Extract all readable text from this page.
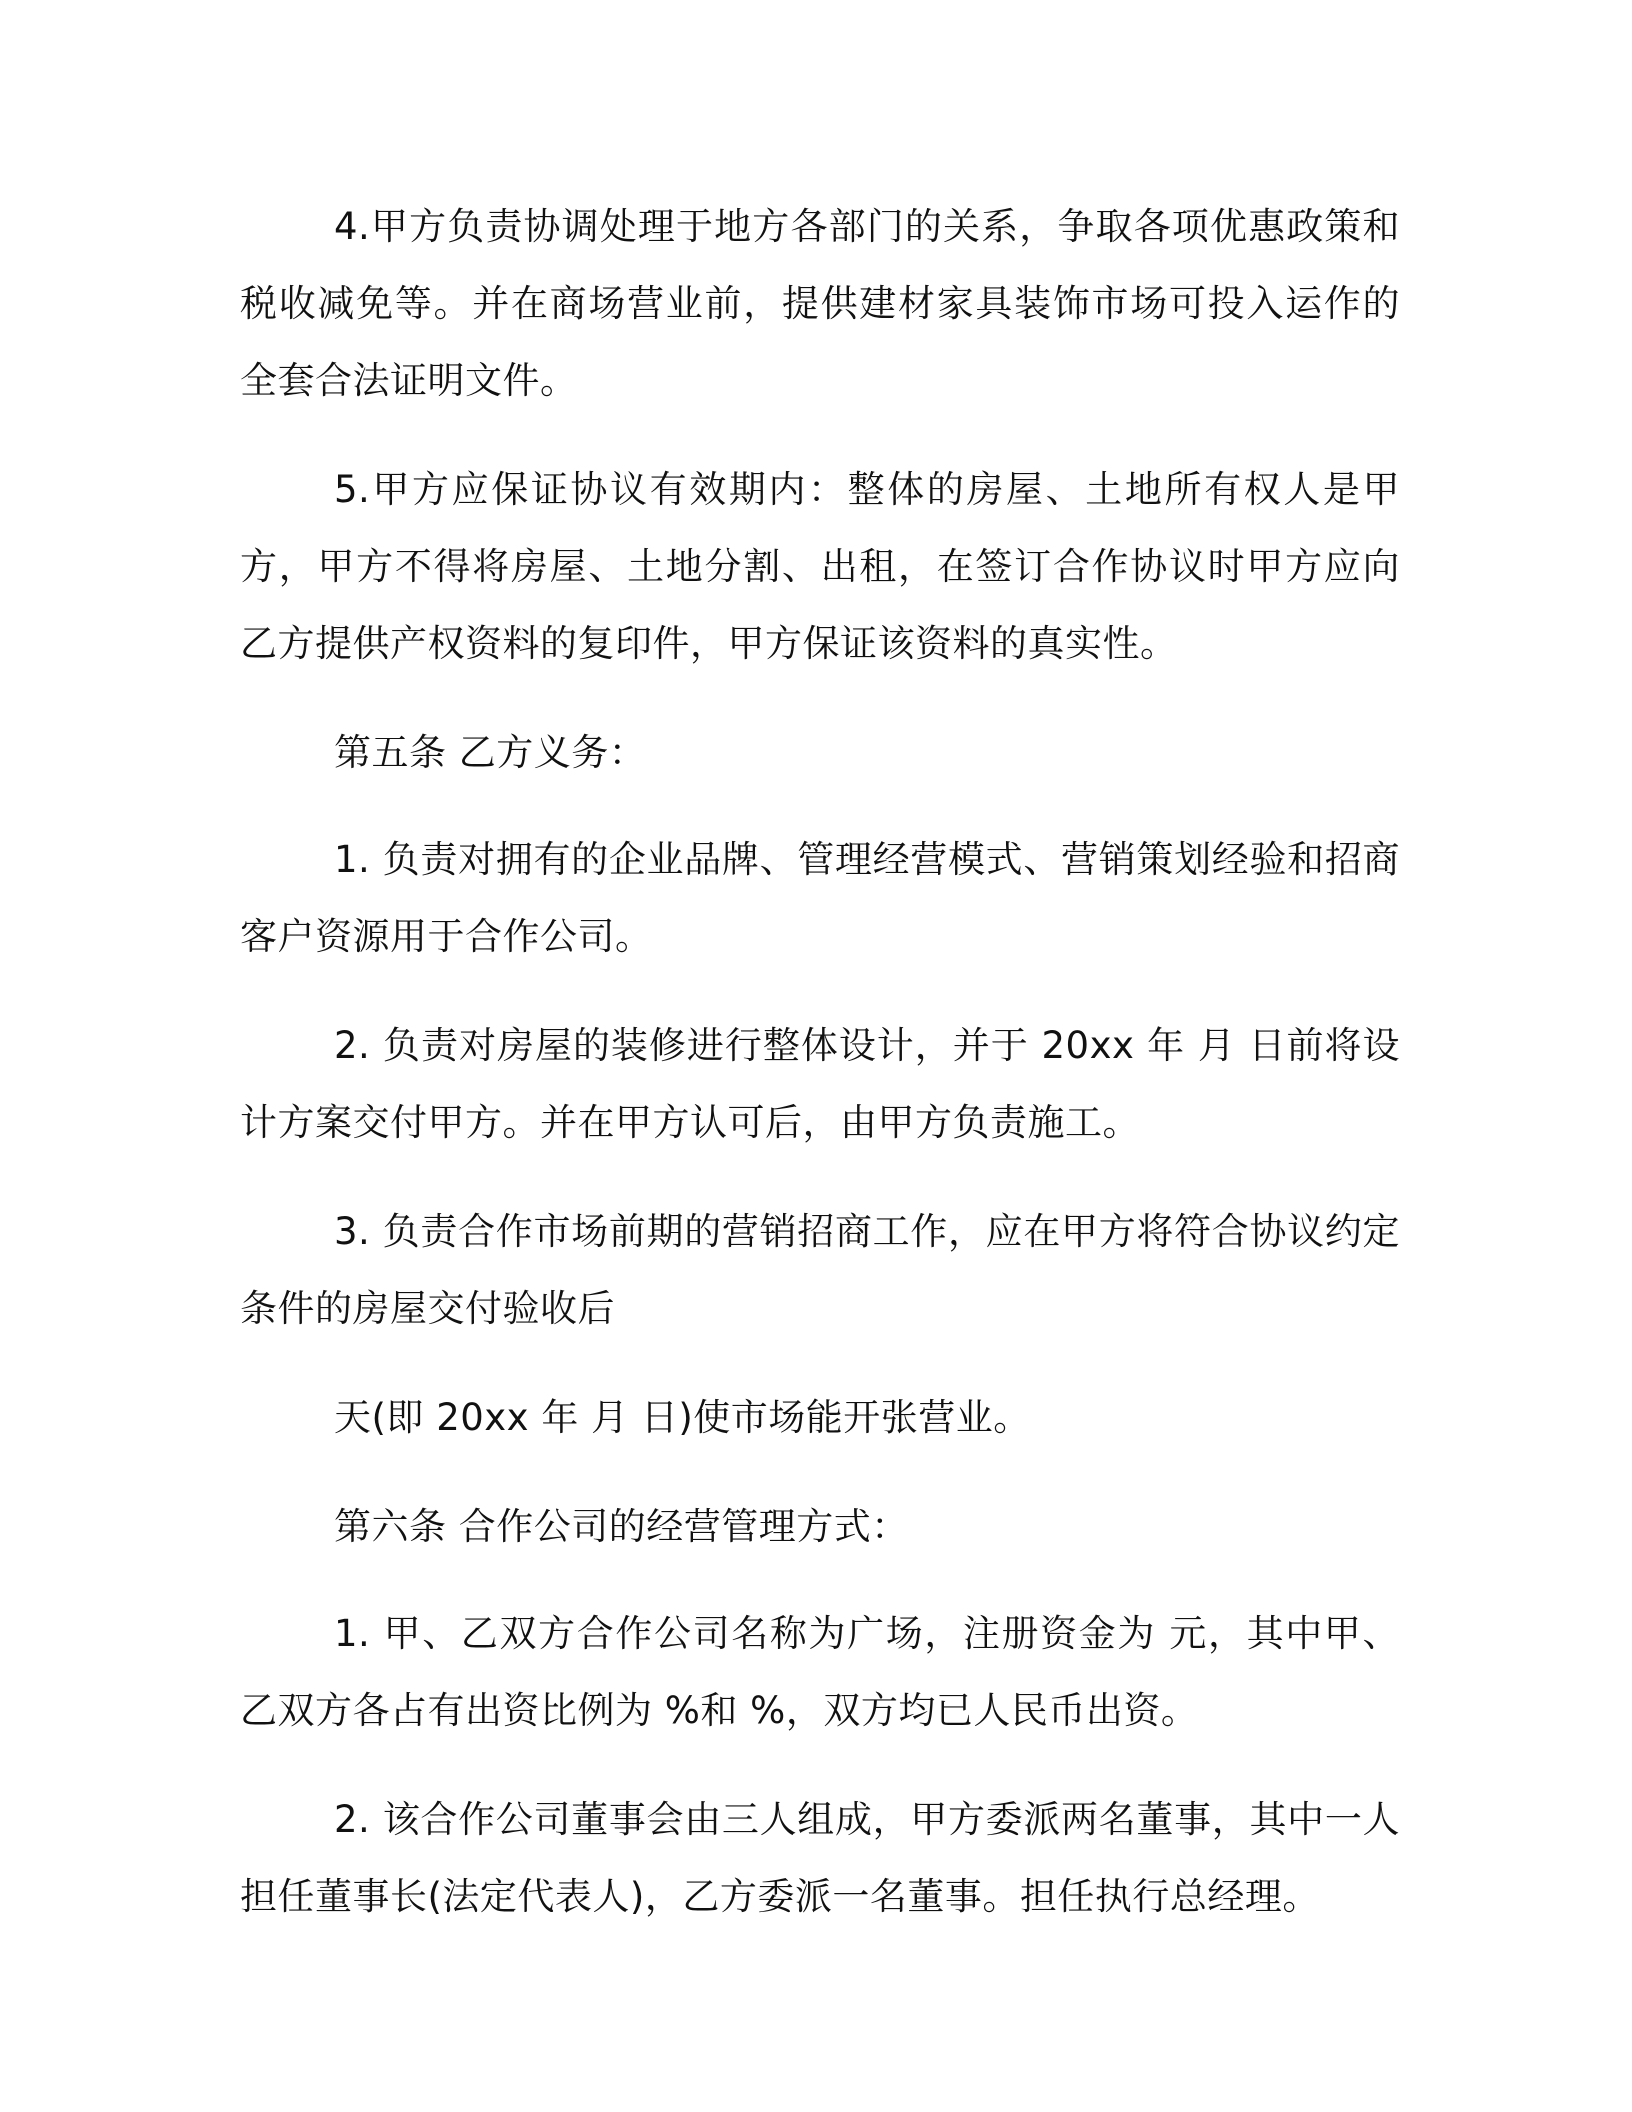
4.甲方负责协调处理于地方各部门的关系，争取各项优惠政策和税收减免等。并在商场营业前，提供建材家具装饰市场可投入运作的全套合法证明文件。

5.甲方应保证协议有效期内：整体的房屋、土地所有权人是甲方，甲方不得将房屋、土地分割、出租，在签订合作协议时甲方应向乙方提供产权资料的复印件，甲方保证该资料的真实性。

第五条 乙方义务：

1. 负责对拥有的企业品牌、管理经营模式、营销策划经验和招商客户资源用于合作公司。

2. 负责对房屋的装修进行整体设计，并于 20xx 年 月 日前将设计方案交付甲方。并在甲方认可后，由甲方负责施工。

3. 负责合作市场前期的营销招商工作，应在甲方将符合协议约定条件的房屋交付验收后

天(即 20xx 年 月 日)使市场能开张营业。

第六条 合作公司的经营管理方式：

1. 甲、乙双方合作公司名称为广场，注册资金为 元，其中甲、乙双方各占有出资比例为 %和 %，双方均已人民币出资。

2. 该合作公司董事会由三人组成，甲方委派两名董事，其中一人担任董事长(法定代表人)，乙方委派一名董事。担任执行总经理。
